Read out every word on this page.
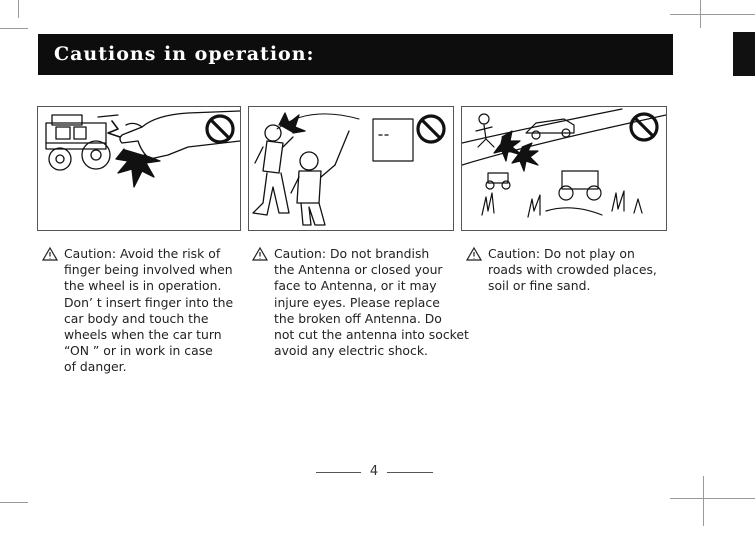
Cautions in operation:

Caution: Avoid the risk of
finger being involved when
the wheel is in operation.
Don’ t insert finger into the
car body and touch the
wheels when the car turn
“ON ” or in work in case
of danger.

Caution: Do not brandish
the Antenna or closed your
face to Antenna, or it may
injure eyes. Please replace
the broken off Antenna. Do
not cut the antenna into socket
avoid any electric shock.

Caution: Do not play on
roads with crowded places,
soil or fine sand.

4
